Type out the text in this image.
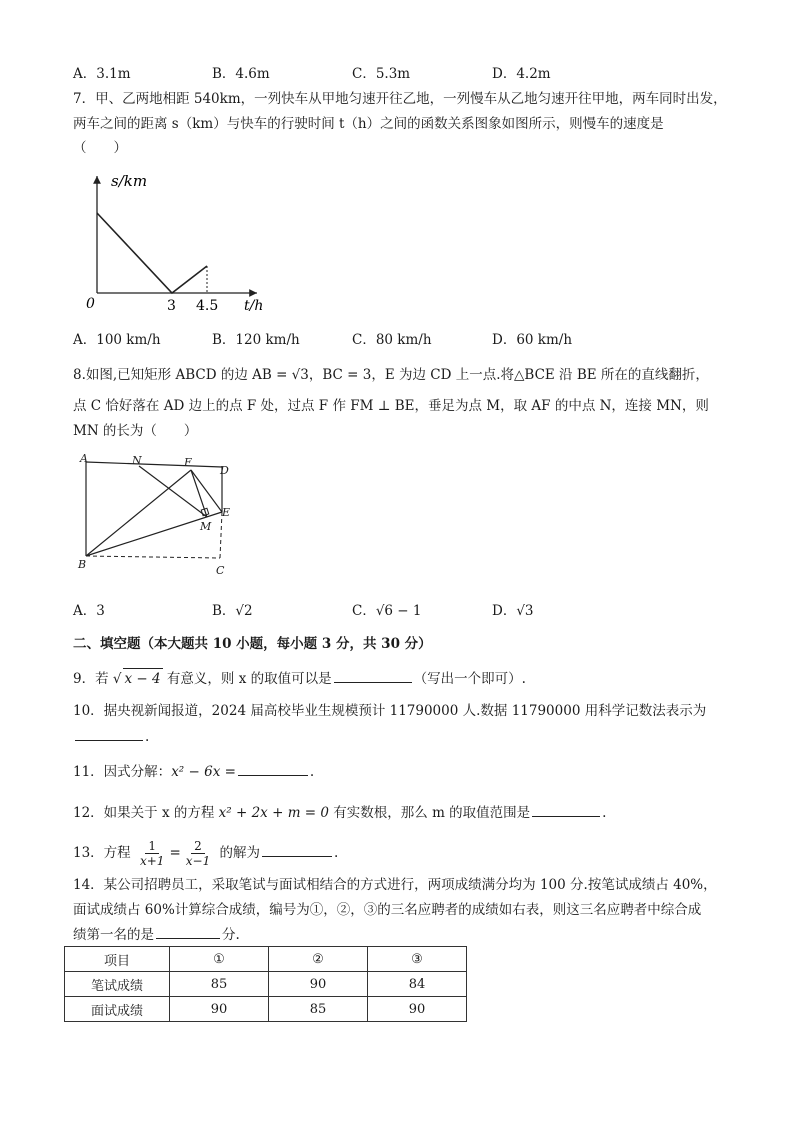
A．3.1m	B．4.6m	C．5.3m	D．4.2m
7．甲、乙两地相距 540km，一列快车从甲地匀速开往乙地，一列慢车从乙地匀速开往甲地，两车同时出发，
两车之间的距离 s（km）与快车的行驶时间 t（h）之间的函数关系图象如图所示，则慢车的速度是
（　　）
s/km
t/h
0	3 4.5
A．100 km/h	B．120 km/h	C．80 km/h	D．60 km/h
8.如图,已知矩形 ABCD 的边 AB = √3，BC = 3，E 为边 CD 上一点.将△BCE 沿 BE 所在的直线翻折，
点 C 恰好落在 AD 边上的点 F 处，过点 F 作 FM ⊥ BE，垂足为点 M，取 AF 的中点 N，连接 MN，则
MN 的长为（　　）
A	N	F
D
M
E
B	C
A．3	B．√2	C．√6 − 1	D．√3
二、填空题（本大题共 10 小题，每小题 3 分，共 30 分）
9．若 √ x − 4 有意义，则 x 的取值可以是	（写出一个即可）.
10．据央视新闻报道，2024 届高校毕业生规模预计 11790000 人.数据 11790000 用科学记数法表示为
.
11．因式分解：x² − 6x =	.
12．如果关于 x 的方程 x² + 2x + m = 0 有实数根，那么 m 的取值范围是	.
13．方程 $\frac{1}{x+1} = \frac{2}{x-1}$ 的解为	.
14．某公司招聘员工，采取笔试与面试相结合的方式进行，两项成绩满分均为 100 分.按笔试成绩占 40%，
面试成绩占 60%计算综合成绩，编号为①，②，③的三名应聘者的成绩如右表，则这三名应聘者中综合成
绩第一名的是	分.
项目	①	②	③
笔试成绩	85	90	84
面试成绩	90	85	90
